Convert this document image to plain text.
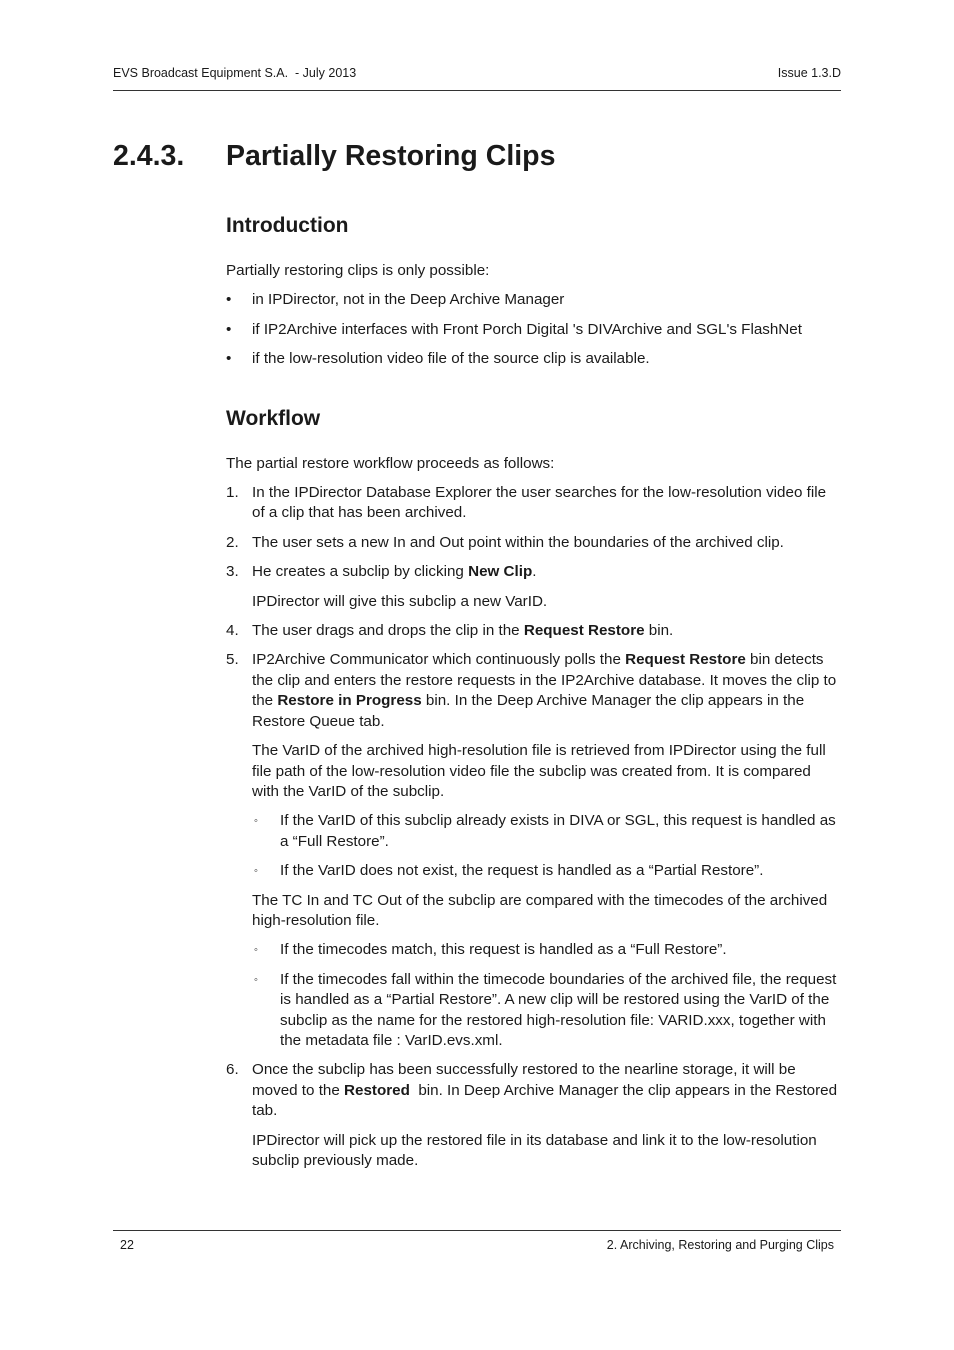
EVS Broadcast Equipment S.A.  - July 2013	Issue 1.3.D
2.4.3. Partially Restoring Clips
Introduction

Partially restoring clips is only possible:

• in IPDirector, not in the Deep Archive Manager
• if IP2Archive interfaces with Front Porch Digital 's DIVArchive and SGL's FlashNet
• if the low-resolution video file of the source clip is available.
Workflow

The partial restore workflow proceeds as follows:

1. In the IPDirector Database Explorer the user searches for the low-resolution video file of a clip that has been archived.
2. The user sets a new In and Out point within the boundaries of the archived clip.
3. He creates a subclip by clicking New Clip.

IPDirector will give this subclip a new VarID.

4. The user drags and drops the clip in the Request Restore bin.
5. IP2Archive Communicator which continuously polls the Request Restore bin detects the clip and enters the restore requests in the IP2Archive database. It moves the clip to the Restore in Progress bin. In the Deep Archive Manager the clip appears in the Restore Queue tab.

The VarID of the archived high-resolution file is retrieved from IPDirector using the full file path of the low-resolution video file the subclip was created from. It is compared with the VarID of the subclip.

◦ If the VarID of this subclip already exists in DIVA or SGL, this request is handled as a “Full Restore”.
◦ If the VarID does not exist, the request is handled as a “Partial Restore”.

The TC In and TC Out of the subclip are compared with the timecodes of the archived high-resolution file.

◦ If the timecodes match, this request is handled as a “Full Restore”.
◦ If the timecodes fall within the timecode boundaries of the archived file, the request is handled as a “Partial Restore”. A new clip will be restored using the VarID of the subclip as the name for the restored high-resolution file: VARID.xxx, together with the metadata file : VarID.evs.xml.
6. Once the subclip has been successfully restored to the nearline storage, it will be moved to the Restored  bin. In Deep Archive Manager the clip appears in the Restored tab.

IPDirector will pick up the restored file in its database and link it to the low-resolution subclip previously made.

22	2. Archiving, Restoring and Purging Clips
